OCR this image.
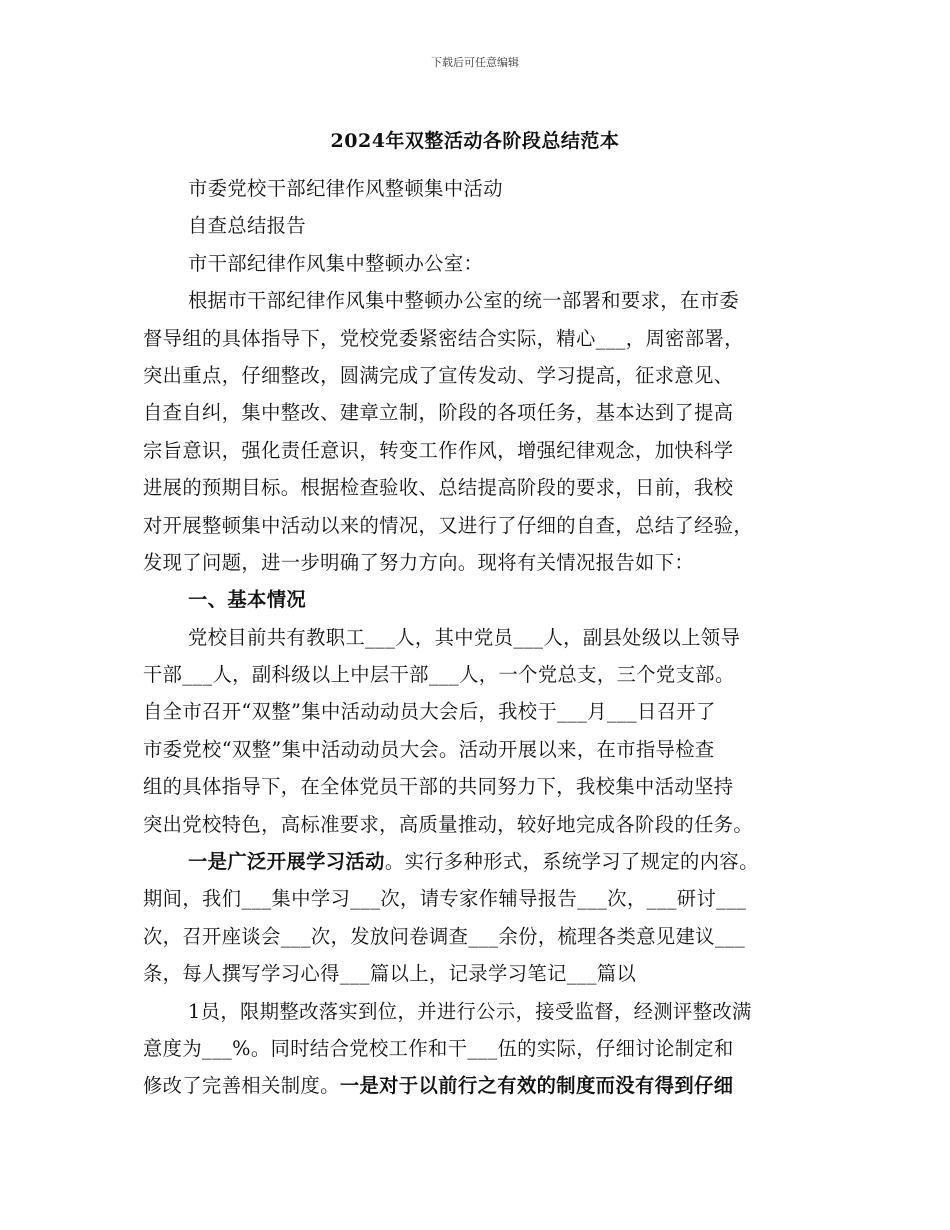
下载后可任意编辑
2024年双整活动各阶段总结范本
市委党校干部纪律作风整顿集中活动
自查总结报告
市干部纪律作风集中整顿办公室：
根据市干部纪律作风集中整顿办公室的统一部署和要求，在市委
督导组的具体指导下，党校党委紧密结合实际，精心___，周密部署，
突出重点，仔细整改，圆满完成了宣传发动、学习提高，征求意见、
自查自纠，集中整改、建章立制，阶段的各项任务，基本达到了提高
宗旨意识，强化责任意识，转变工作作风，增强纪律观念，加快科学
进展的预期目标。根据检查验收、总结提高阶段的要求，日前，我校
对开展整顿集中活动以来的情况，又进行了仔细的自查，总结了经验，
发现了问题，进一步明确了努力方向。现将有关情况报告如下：
一、基本情况
党校目前共有教职工___人，其中党员___人，副县处级以上领导
干部___人，副科级以上中层干部___人，一个党总支，三个党支部。
自全市召开“双整”集中活动动员大会后，我校于___月___日召开了
市委党校“双整”集中活动动员大会。活动开展以来，在市指导检查
组的具体指导下，在全体党员干部的共同努力下，我校集中活动坚持
突出党校特色，高标准要求，高质量推动，较好地完成各阶段的任务。
一是广泛开展学习活动。实行多种形式，系统学习了规定的内容。
期间，我们___集中学习___次，请专家作辅导报告___次，___研讨___
次，召开座谈会___次，发放问卷调查___余份，梳理各类意见建议___
条，每人撰写学习心得___篇以上，记录学习笔记___篇以
1员，限期整改落实到位，并进行公示，接受监督，经测评整改满
意度为___%。同时结合党校工作和干___伍的实际，仔细讨论制定和
修改了完善相关制度。一是对于以前行之有效的制度而没有得到仔细
